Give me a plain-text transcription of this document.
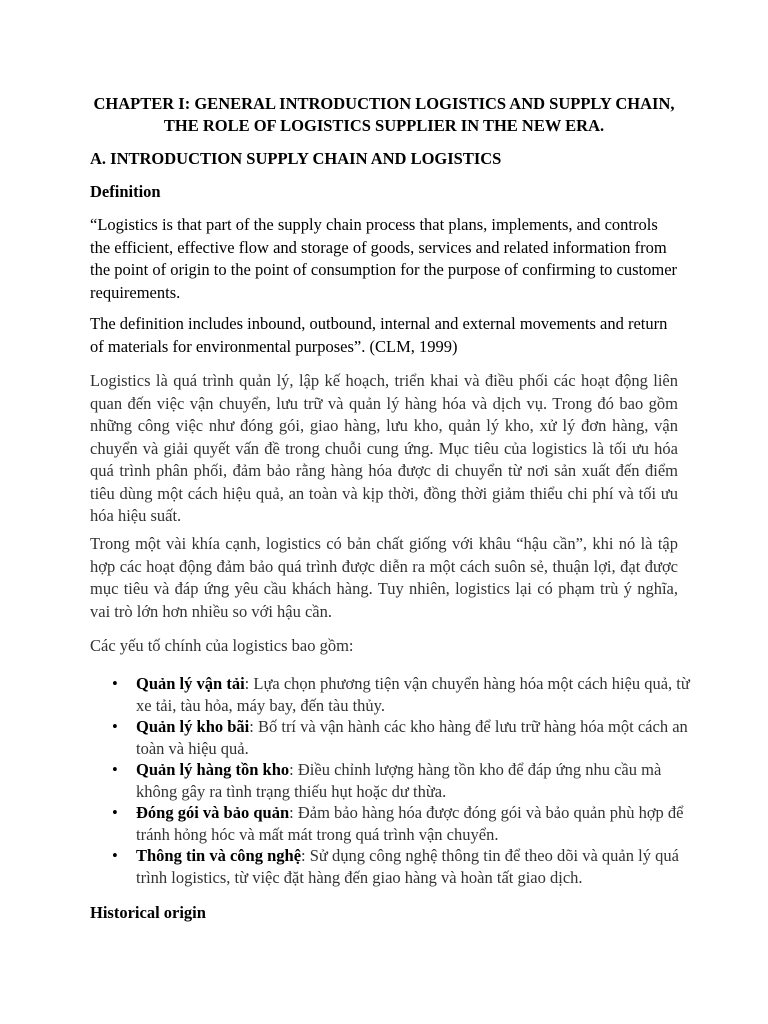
CHAPTER I: GENERAL INTRODUCTION LOGISTICS AND SUPPLY CHAIN, THE ROLE OF LOGISTICS SUPPLIER IN THE NEW ERA.
A. INTRODUCTION SUPPLY CHAIN AND LOGISTICS
Definition

“Logistics is that part of the supply chain process that plans, implements, and controls the efficient, effective flow and storage of goods, services and related information from the point of origin to the point of consumption for the purpose of confirming to customer requirements.

The definition includes inbound, outbound, internal and external movements and return of materials for environmental purposes”. (CLM, 1999)

Logistics là quá trình quản lý, lập kế hoạch, triển khai và điều phối các hoạt động liên quan đến việc vận chuyển, lưu trữ và quản lý hàng hóa và dịch vụ. Trong đó bao gồm những công việc như đóng gói, giao hàng, lưu kho, quản lý kho, xử lý đơn hàng, vận chuyển và giải quyết vấn đề trong chuỗi cung ứng. Mục tiêu của logistics là tối ưu hóa quá trình phân phối, đảm bảo rằng hàng hóa được di chuyển từ nơi sản xuất đến điểm tiêu dùng một cách hiệu quả, an toàn và kịp thời, đồng thời giảm thiểu chi phí và tối ưu hóa hiệu suất.

Trong một vài khía cạnh, logistics có bản chất giống với khâu “hậu cần”, khi nó là tập hợp các hoạt động đảm bảo quá trình được diễn ra một cách suôn sẻ, thuận lợi, đạt được mục tiêu và đáp ứng yêu cầu khách hàng. Tuy nhiên, logistics lại có phạm trù ý nghĩa, vai trò lớn hơn nhiều so với hậu cần.

Các yếu tố chính của logistics bao gồm:

• Quản lý vận tải: Lựa chọn phương tiện vận chuyển hàng hóa một cách hiệu quả, từ xe tải, tàu hỏa, máy bay, đến tàu thủy.
• Quản lý kho bãi: Bố trí và vận hành các kho hàng để lưu trữ hàng hóa một cách an toàn và hiệu quả.
• Quản lý hàng tồn kho: Điều chỉnh lượng hàng tồn kho để đáp ứng nhu cầu mà không gây ra tình trạng thiếu hụt hoặc dư thừa.
• Đóng gói và bảo quản: Đảm bảo hàng hóa được đóng gói và bảo quản phù hợp để tránh hỏng hóc và mất mát trong quá trình vận chuyển.
• Thông tin và công nghệ: Sử dụng công nghệ thông tin để theo dõi và quản lý quá trình logistics, từ việc đặt hàng đến giao hàng và hoàn tất giao dịch.
Historical origin
